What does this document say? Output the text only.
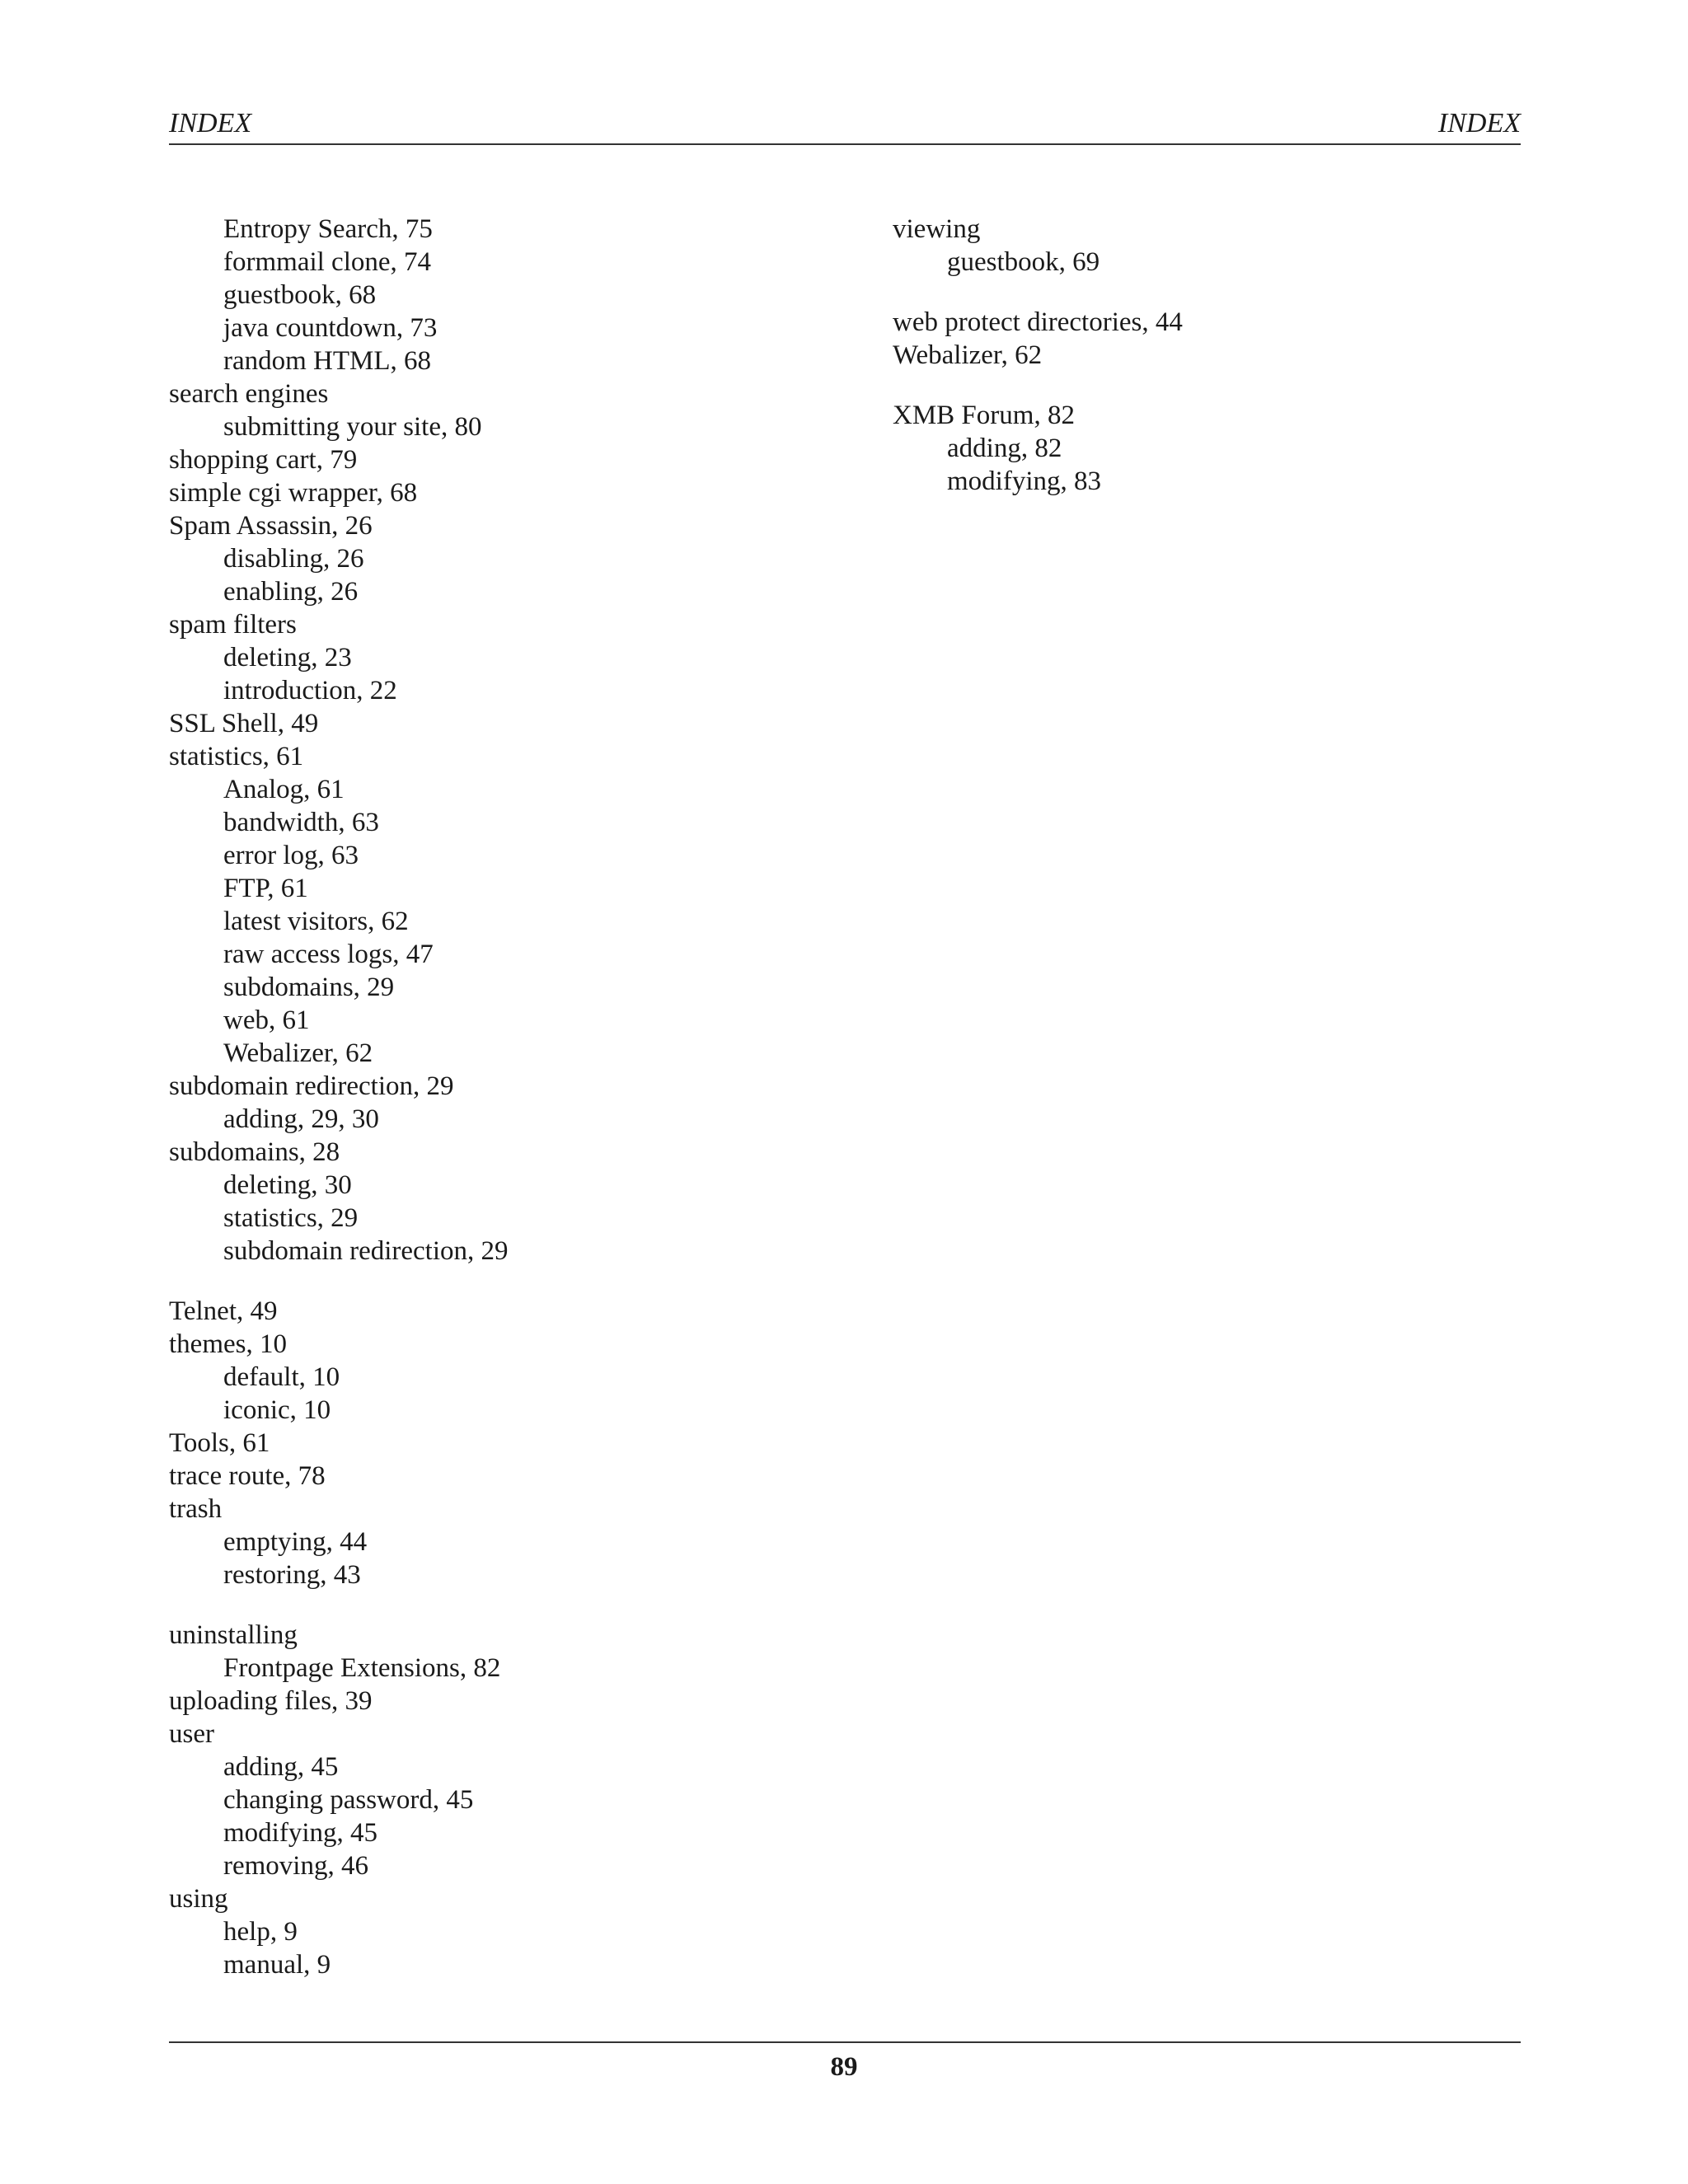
INDEX	INDEX
Entropy Search, 75
formmail clone, 74
guestbook, 68
java countdown, 73
random HTML, 68
search engines
submitting your site, 80
shopping cart, 79
simple cgi wrapper, 68
Spam Assassin, 26
disabling, 26
enabling, 26
spam filters
deleting, 23
introduction, 22
SSL Shell, 49
statistics, 61
Analog, 61
bandwidth, 63
error log, 63
FTP, 61
latest visitors, 62
raw access logs, 47
subdomains, 29
web, 61
Webalizer, 62
subdomain redirection, 29
adding, 29, 30
subdomains, 28
deleting, 30
statistics, 29
subdomain redirection, 29
Telnet, 49
themes, 10
default, 10
iconic, 10
Tools, 61
trace route, 78
trash
emptying, 44
restoring, 43
uninstalling
Frontpage Extensions, 82
uploading files, 39
user
adding, 45
changing password, 45
modifying, 45
removing, 46
using
help, 9
manual, 9
viewing
guestbook, 69
web protect directories, 44
Webalizer, 62
XMB Forum, 82
adding, 82
modifying, 83
89
